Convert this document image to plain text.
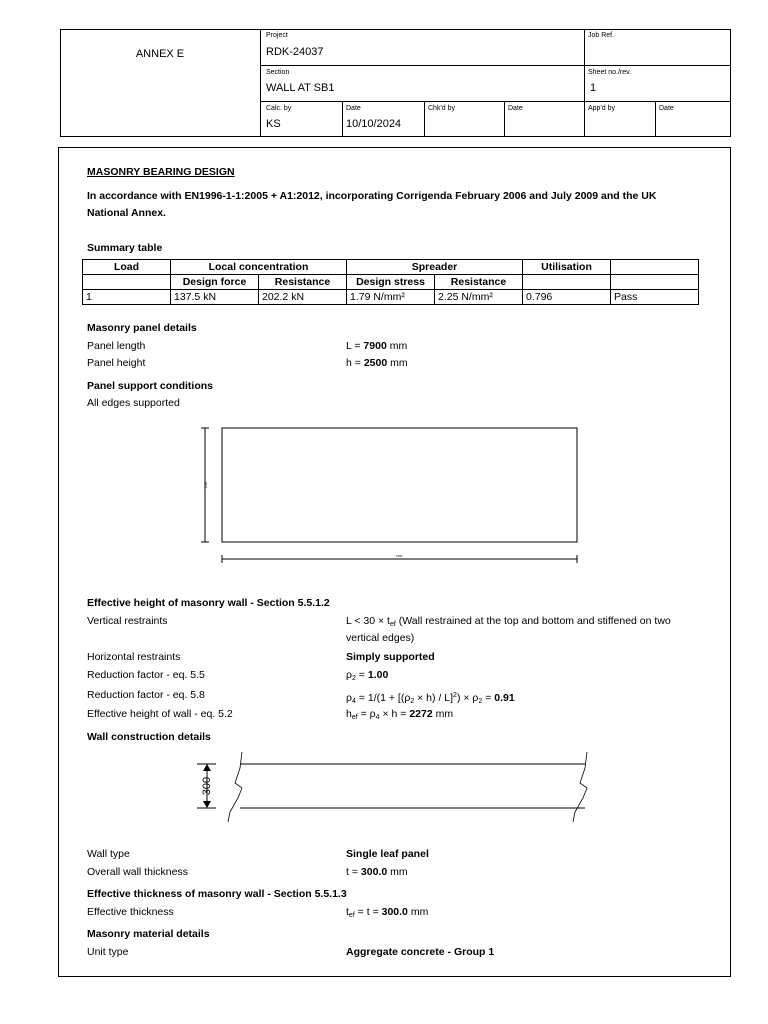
ANNEX E
Project
RDK-24037
Job Ref.
Section
WALL AT SB1
Sheet no./rev.
1
Calc. by
KS
Date
10/10/2024
Chk'd by	Date	App'd by	Date
MASONRY BEARING DESIGN
In accordance with EN1996-1-1:2005 + A1:2012, incorporating Corrigenda February 2006 and July 2009 and the UK
National Annex.
Summary table
Load	Local concentration		Spreader		Utilisation	
	Design force	Resistance	Design stress	Resistance		
1	137.5 kN	202.2 kN	1.79 N/mm²	2.25 N/mm²	0.796	Pass
Masonry panel details
Panel length	L = 7900 mm
Panel height	h = 2500 mm
Panel support conditions
All edges supported
2500
7900
Effective height of masonry wall - Section 5.5.1.2
Vertical restraints	$L < 30 \times t_{ef}$ (Wall restrained at the top and bottom and stiffened on two
vertical edges)
Horizontal restraints	Simply supported
Reduction factor - eq. 5.5	$\rho_2 = 1.00$
Reduction factor - eq. 5.8	$\rho_4 = 1/(1 + [(\rho_2 \times h) / L]^2) \times \rho_2 = 0.91$
Effective height of wall - eq. 5.2	$h_{ef} = \rho_4 \times h = 2272$ mm
Wall construction details
300
Wall type	Single leaf panel
Overall wall thickness	t = 300.0 mm
Effective thickness of masonry wall - Section 5.5.1.3
Effective thickness	$t_{ef} = t = 300.0$ mm
Masonry material details
Unit type	Aggregate concrete - Group 1
